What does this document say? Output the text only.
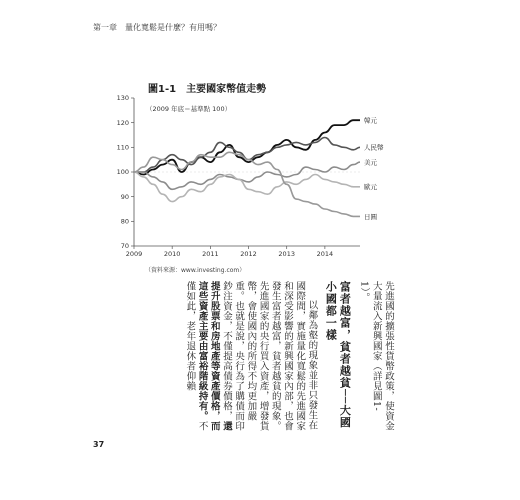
第一章　量化寬鬆是什麼？有用嗎？
圖1-1　主要國家幣值走勢
70
80
90
100
110
120
130
2009	2010	2011	2012	2013	2014
韓元
人民幣
美元
歐元
日圓
（2009 年底＝基準點 100）
（資料來源：www.investing.com）

先進國的擴張性貨幣政策，使資金大量流入新興國家（詳見圖1-1）。

富者越富，貧者越貧──大國小國都一樣

以鄰為壑的現象並非只發生在國際間，實施量化寬鬆的先進國家和深受影響的新興國家內部，也會發生富者越富，貧者越貧的現象。先進國家的央行買入資產，增發貨幣，會使國內的所得不均更加嚴重。也就是說，央行為了購債而印鈔注資金，不僅提高債券價格，還提升股票和房地產等資產價格，而這些資產主要由富裕階級持有。不僅如此，老年退休者仰賴

37
